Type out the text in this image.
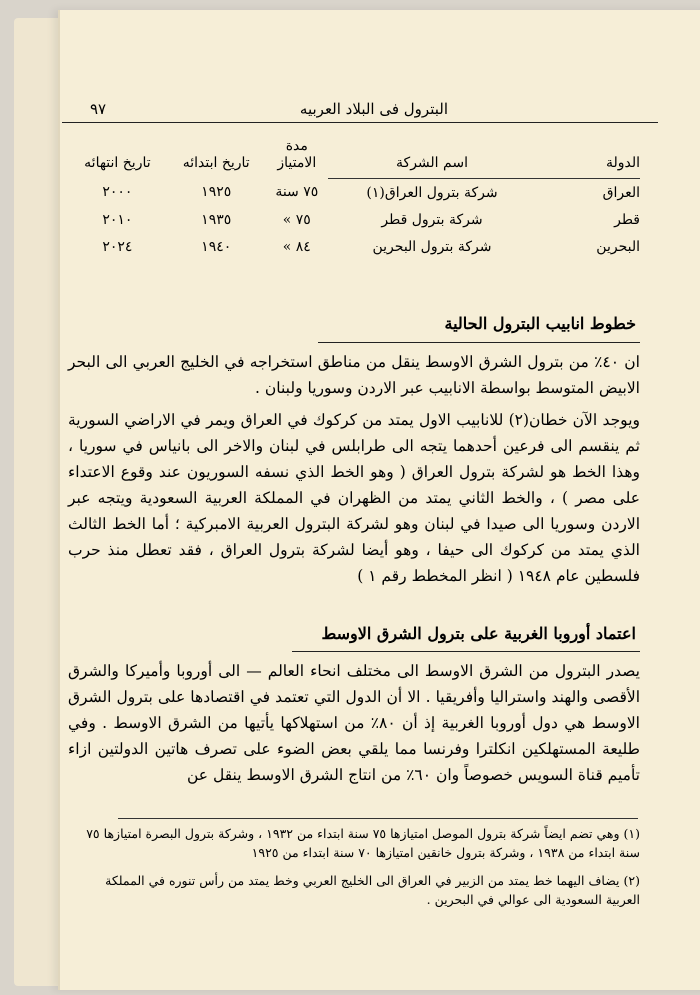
البترول فى البلاد العربيه
٩٧
الدولة	اسم الشركة	مدة الامتياز	تاريخ ابتدائه	تاريخ انتهائه
العراق	شركة بترول العراق(١)	٧٥ سنة	١٩٢٥	٢٠٠٠
قطر	شركة بترول قطر	٧٥ »	١٩٣٥	٢٠١٠
البحرين	شركة بترول البحرين	٨٤ »	١٩٤٠	٢٠٢٤
خطوط انابيب البترول الحالية

ان ٤٠٪ من بترول الشرق الاوسط ينقل من مناطق استخراجه في الخليج العربي الى البحر الابيض المتوسط بواسطة الانابيب عبر الاردن وسوريا ولبنان .

ويوجد الآن خطان(٢) للانابيب الاول يمتد من كركوك في العراق ويمر في الاراضي السورية ثم ينقسم الى فرعين أحدهما يتجه الى طرابلس في لبنان والاخر الى بانياس في سوريا ، وهذا الخط هو لشركة بترول العراق ( وهو الخط الذي نسفه السوريون عند وقوع الاعتداء على مصر ) ، والخط الثاني يمتد من الظهران في المملكة العربية السعودية ويتجه عبر الاردن وسوريا الى صيدا في لبنان وهو لشركة البترول العربية الامبركية ؛ أما الخط الثالث الذي يمتد من كركوك الى حيفا ، وهو أيضا لشركة بترول العراق ، فقد تعطل منذ حرب فلسطين عام ١٩٤٨ ( انظر المخطط رقم ١ )

اعتماد أوروبا الغربية على بترول الشرق الاوسط

يصدر البترول من الشرق الاوسط الى مختلف انحاء العالم — الى أوروبا وأميركا والشرق الأقصى والهند واستراليا وأفريقيا . الا أن الدول التي تعتمد في اقتصادها على بترول الشرق الاوسط هي دول أوروبا الغربية إذ أن ٨٠٪ من استهلاكها يأتيها من الشرق الاوسط . وفي طليعة المستهلكين انكلترا وفرنسا مما يلقي بعض الضوء على تصرف هاتين الدولتين ازاء تأميم قناة السويس خصوصاً وان ٦٠٪ من انتاج الشرق الاوسط ينقل عن

(١) وهي تضم ايضاً شركة بترول الموصل امتيازها ٧٥ سنة ابتداء من ١٩٣٢ ، وشركة بترول البصرة امتيازها ٧٥ سنة ابتداء من ١٩٣٨ ، وشركة بترول خانقين امتيازها ٧٠ سنة ابتداء من ١٩٢٥

(٢) يضاف اليهما خط يمتد من الزبير في العراق الى الخليج العربي وخط يمتد من رأس تنوره في المملكة العربية السعودية الى عوالي في البحرين .
